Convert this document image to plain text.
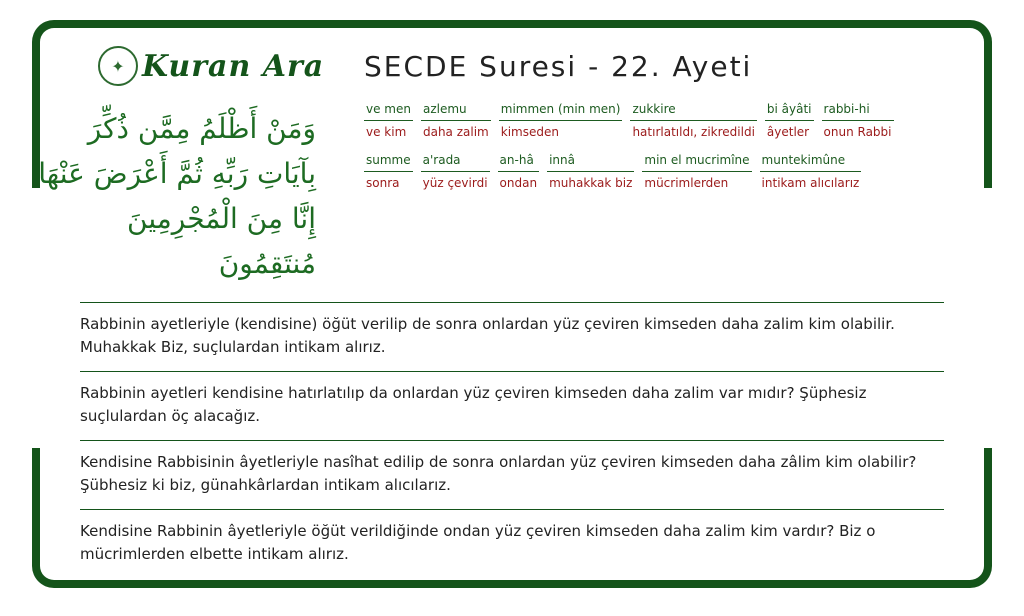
✦ Kuran Ara
وَمَنْ أَظْلَمُ مِمَّن ذُكِّرَ
بِآيَاتِ رَبِّهِ ثُمَّ أَعْرَضَ عَنْهَا
إِنَّا مِنَ الْمُجْرِمِينَ
مُنتَقِمُونَ
SECDE Suresi - 22. Ayeti
ve men
ve kim
azlemu
daha zalim
mimmen (min men)
kimseden
zukkire
hatırlatıldı, zikredildi
bi âyâti
âyetler
rabbi-hi
onun Rabbi
summe
sonra
a'rada
yüz çevirdi
an-hâ
ondan
innâ
muhakkak biz
min el mucrimîne
mücrimlerden
muntekimûne
intikam alıcılarız
Rabbinin ayetleriyle (kendisine) öğüt verilip de sonra onlardan yüz çeviren kimseden daha zalim kim olabilir. Muhakkak Biz, suçlulardan intikam alırız.
Rabbinin ayetleri kendisine hatırlatılıp da onlardan yüz çeviren kimseden daha zalim var mıdır? Şüphesiz suçlulardan öç alacağız.
Kendisine Rabbisinin âyetleriyle nasîhat edilip de sonra onlardan yüz çeviren kimseden daha zâlim kim olabilir? Şübhesiz ki biz, günahkârlardan intikam alıcılarız.
Kendisine Rabbinin âyetleriyle öğüt verildiğinde ondan yüz çeviren kimseden daha zalim kim vardır? Biz o mücrimlerden elbette intikam alırız.
